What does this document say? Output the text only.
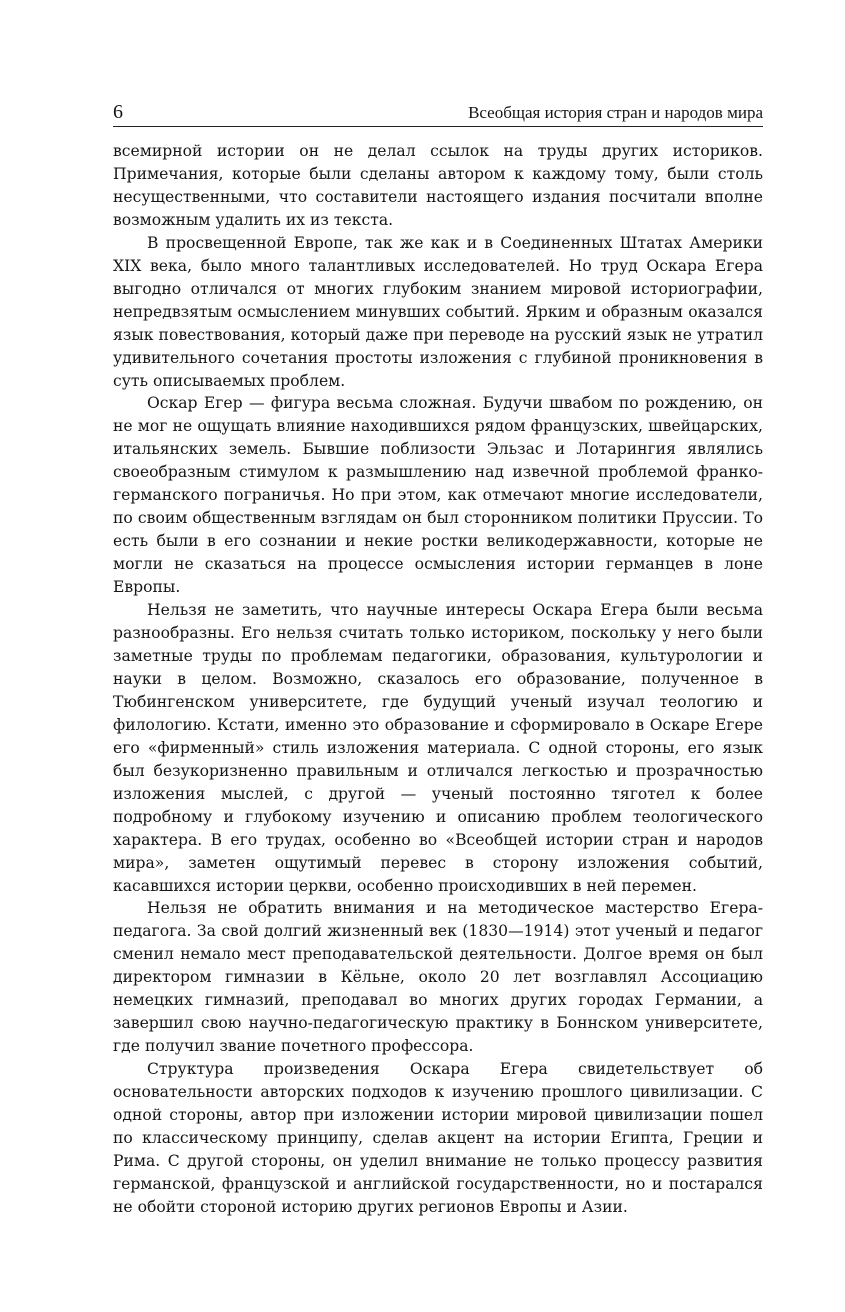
6	Всеобщая история стран и народов мира

всемирной истории он не делал ссылок на труды других историков. Примечания, которые были сделаны автором к каждому тому, были столь несущественными, что составители настоящего издания посчитали вполне возможным удалить их из текста.

В просвещенной Европе, так же как и в Соединенных Штатах Америки XIX века, было много талантливых исследователей. Но труд Оскара Егера выгодно отличался от многих глубоким знанием мировой историографии, непредвзятым осмыслением минувших событий. Ярким и образным оказался язык повествования, который даже при переводе на русский язык не утратил удивительного сочетания простоты изложения с глубиной проникновения в суть описываемых проблем.

Оскар Егер — фигура весьма сложная. Будучи швабом по рождению, он не мог не ощущать влияние находившихся рядом французских, швейцарских, итальянских земель. Бывшие поблизости Эльзас и Лотарингия являлись своеобразным стимулом к размышлению над извечной проблемой франко-германского пограничья. Но при этом, как отмечают многие исследователи, по своим общественным взглядам он был сторонником политики Пруссии. То есть были в его сознании и некие ростки великодержавности, которые не могли не сказаться на процессе осмысления истории германцев в лоне Европы.

Нельзя не заметить, что научные интересы Оскара Егера были весьма разнообразны. Его нельзя считать только историком, поскольку у него были заметные труды по проблемам педагогики, образования, культурологии и науки в целом. Возможно, сказалось его образование, полученное в Тюбингенском университете, где будущий ученый изучал теологию и филологию. Кстати, именно это образование и сформировало в Оскаре Егере его «фирменный» стиль изложения материала. С одной стороны, его язык был безукоризненно правильным и отличался легкостью и прозрачностью изложения мыслей, с другой — ученый постоянно тяготел к более подробному и глубокому изучению и описанию проблем теологического характера. В его трудах, особенно во «Всеобщей истории стран и народов мира», заметен ощутимый перевес в сторону изложения событий, касавшихся истории церкви, особенно происходивших в ней перемен.

Нельзя не обратить внимания и на методическое мастерство Егера-педагога. За свой долгий жизненный век (1830—1914) этот ученый и педагог сменил немало мест преподавательской деятельности. Долгое время он был директором гимназии в Кёльне, около 20 лет возглавлял Ассоциацию немецких гимназий, преподавал во многих других городах Германии, а завершил свою научно-педагогическую практику в Боннском университете, где получил звание почетного профессора.

Структура произведения Оскара Егера свидетельствует об основательности авторских подходов к изучению прошлого цивилизации. С одной стороны, автор при изложении истории мировой цивилизации пошел по классическому принципу, сделав акцент на истории Египта, Греции и Рима. С другой стороны, он уделил внимание не только процессу развития германской, французской и английской государственности, но и постарался не обойти стороной историю других регионов Европы и Азии.
